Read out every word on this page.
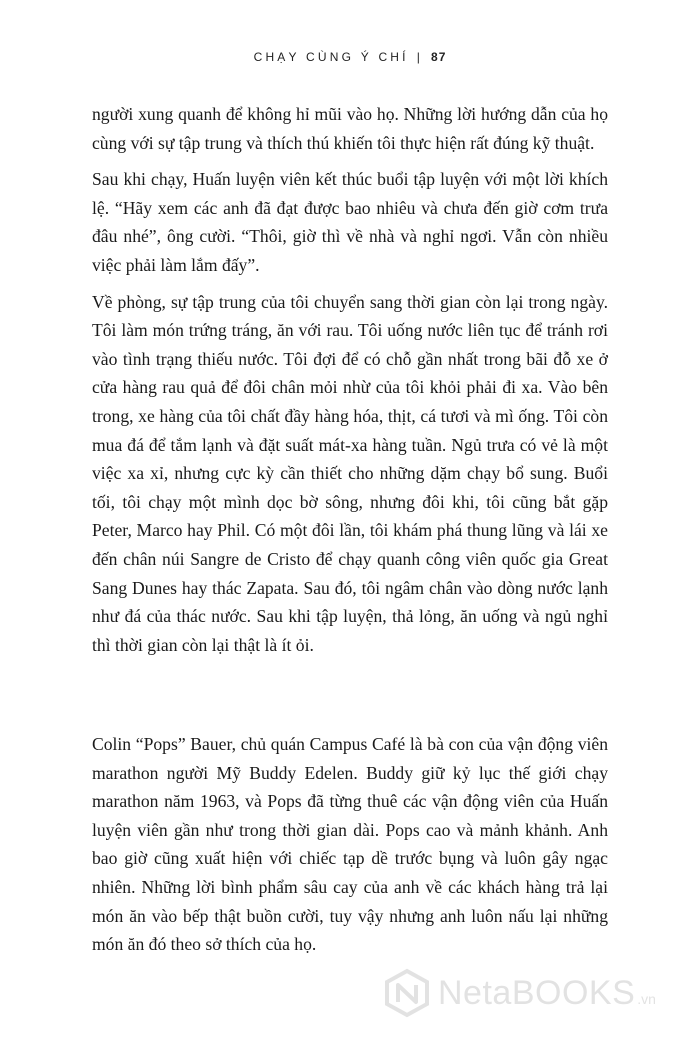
CHẠY CÙNG Ý CHÍ | 87

người xung quanh để không hỉ mũi vào họ. Những lời hướng dẫn của họ cùng với sự tập trung và thích thú khiến tôi thực hiện rất đúng kỹ thuật.

Sau khi chạy, Huấn luyện viên kết thúc buổi tập luyện với một lời khích lệ. “Hãy xem các anh đã đạt được bao nhiêu và chưa đến giờ cơm trưa đâu nhé”, ông cười. “Thôi, giờ thì về nhà và nghỉ ngơi. Vẫn còn nhiều việc phải làm lắm đấy”.

Về phòng, sự tập trung của tôi chuyển sang thời gian còn lại trong ngày. Tôi làm món trứng tráng, ăn với rau. Tôi uống nước liên tục để tránh rơi vào tình trạng thiếu nước. Tôi đợi để có chỗ gần nhất trong bãi đỗ xe ở cửa hàng rau quả để đôi chân mỏi nhừ của tôi khỏi phải đi xa. Vào bên trong, xe hàng của tôi chất đầy hàng hóa, thịt, cá tươi và mì ống. Tôi còn mua đá để tắm lạnh và đặt suất mát-xa hàng tuần. Ngủ trưa có vẻ là một việc xa xỉ, nhưng cực kỳ cần thiết cho những dặm chạy bổ sung. Buổi tối, tôi chạy một mình dọc bờ sông, nhưng đôi khi, tôi cũng bắt gặp Peter, Marco hay Phil. Có một đôi lần, tôi khám phá thung lũng và lái xe đến chân núi Sangre de Cristo để chạy quanh công viên quốc gia Great Sang Dunes hay thác Zapata. Sau đó, tôi ngâm chân vào dòng nước lạnh như đá của thác nước. Sau khi tập luyện, thả lỏng, ăn uống và ngủ nghỉ thì thời gian còn lại thật là ít ỏi.

Colin “Pops” Bauer, chủ quán Campus Café là bà con của vận động viên marathon người Mỹ Buddy Edelen. Buddy giữ kỷ lục thế giới chạy marathon năm 1963, và Pops đã từng thuê các vận động viên của Huấn luyện viên gần như trong thời gian dài. Pops cao và mảnh khảnh. Anh bao giờ cũng xuất hiện với chiếc tạp dề trước bụng và luôn gây ngạc nhiên. Những lời bình phẩm sâu cay của anh về các khách hàng trả lại món ăn vào bếp thật buồn cười, tuy vậy nhưng anh luôn nấu lại những món ăn đó theo sở thích của họ.

NetaBOOKS .vn
